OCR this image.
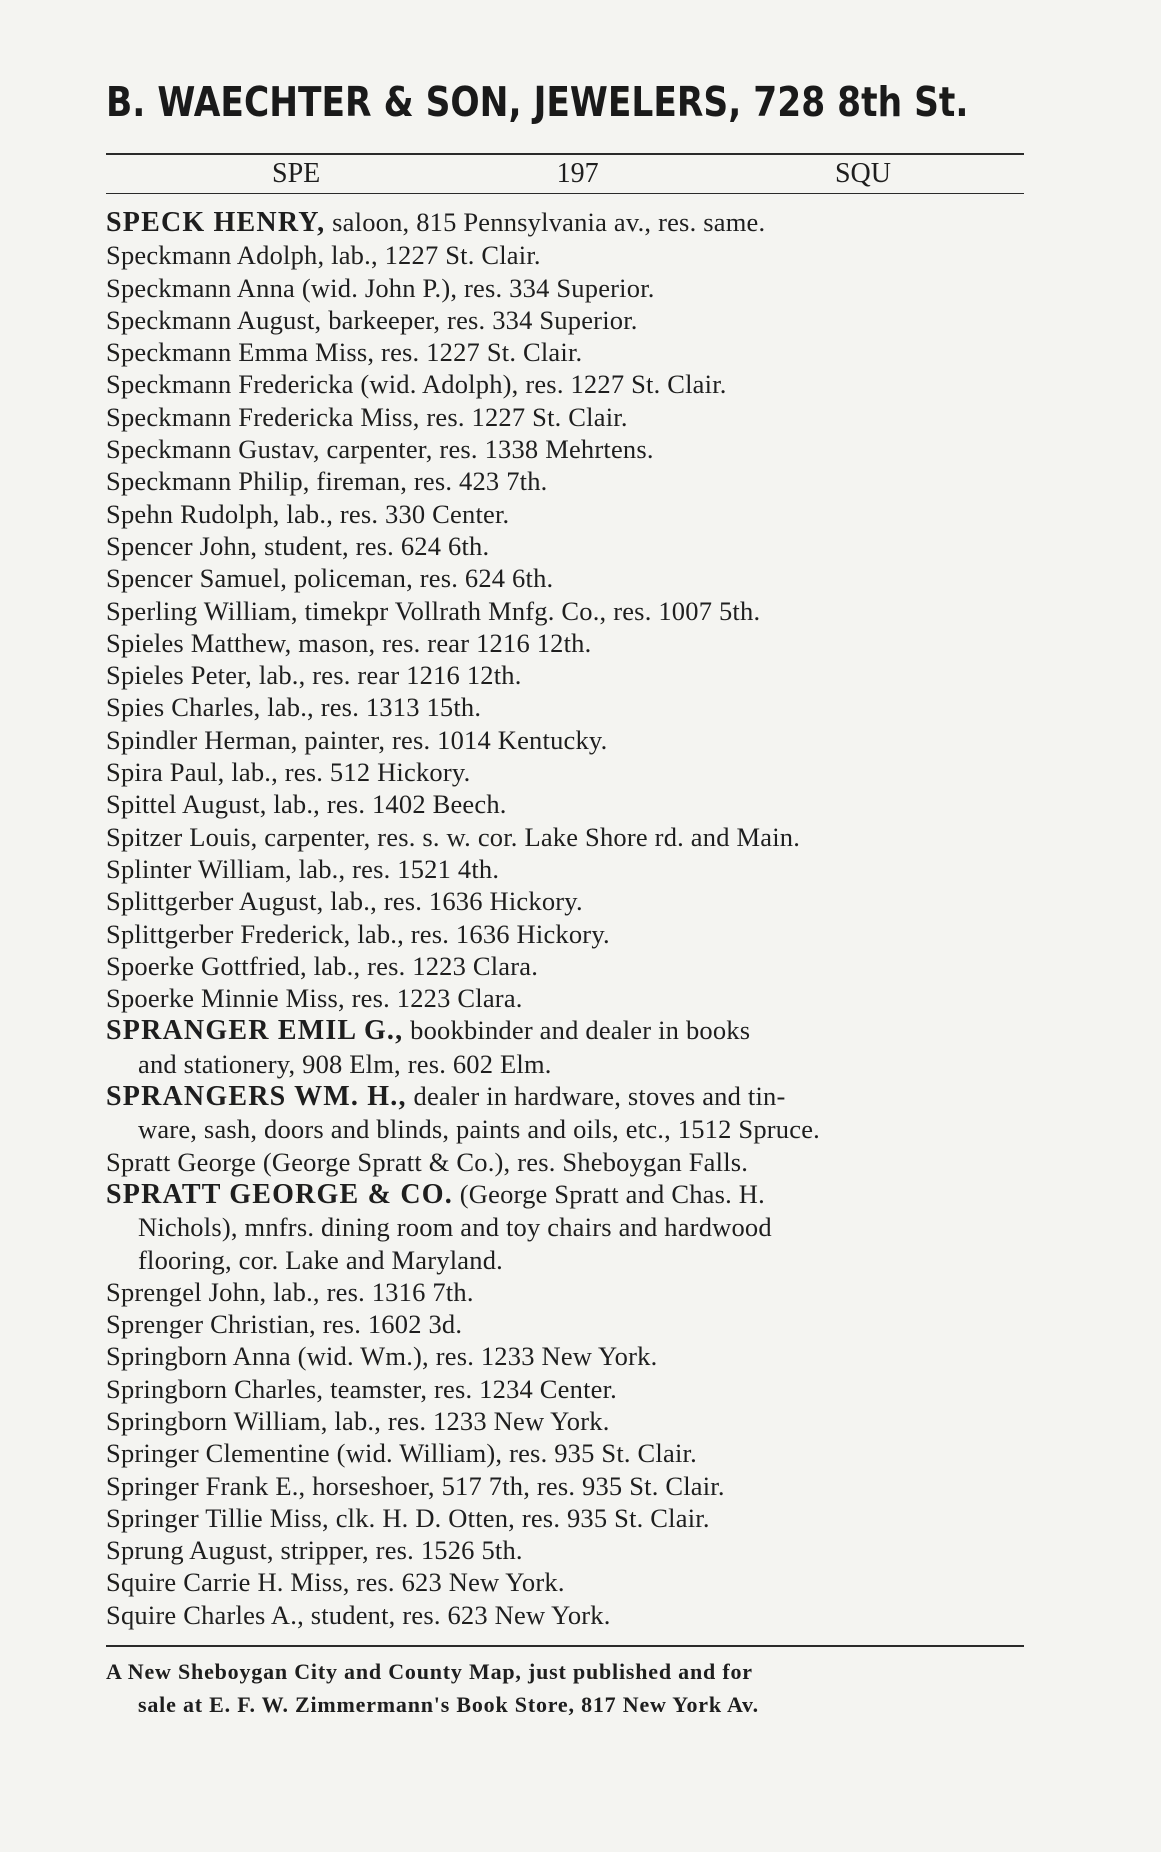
B. WAECHTER & SON, JEWELERS, 728 8th St.
SPE	197	SQU
SPECK HENRY, saloon, 815 Pennsylvania av., res. same.
Speckmann Adolph, lab., 1227 St. Clair.
Speckmann Anna (wid. John P.), res. 334 Superior.
Speckmann August, barkeeper, res. 334 Superior.
Speckmann Emma Miss, res. 1227 St. Clair.
Speckmann Fredericka (wid. Adolph), res. 1227 St. Clair.
Speckmann Fredericka Miss, res. 1227 St. Clair.
Speckmann Gustav, carpenter, res. 1338 Mehrtens.
Speckmann Philip, fireman, res. 423 7th.
Spehn Rudolph, lab., res. 330 Center.
Spencer John, student, res. 624 6th.
Spencer Samuel, policeman, res. 624 6th.
Sperling William, timekpr Vollrath Mnfg. Co., res. 1007 5th.
Spieles Matthew, mason, res. rear 1216 12th.
Spieles Peter, lab., res. rear 1216 12th.
Spies Charles, lab., res. 1313 15th.
Spindler Herman, painter, res. 1014 Kentucky.
Spira Paul, lab., res. 512 Hickory.
Spittel August, lab., res. 1402 Beech.
Spitzer Louis, carpenter, res. s. w. cor. Lake Shore rd. and Main.
Splinter William, lab., res. 1521 4th.
Splittgerber August, lab., res. 1636 Hickory.
Splittgerber Frederick, lab., res. 1636 Hickory.
Spoerke Gottfried, lab., res. 1223 Clara.
Spoerke Minnie Miss, res. 1223 Clara.
SPRANGER EMIL G., bookbinder and dealer in books
and stationery, 908 Elm, res. 602 Elm.
SPRANGERS WM. H., dealer in hardware, stoves and tin-
ware, sash, doors and blinds, paints and oils, etc., 1512 Spruce.
Spratt George (George Spratt & Co.), res. Sheboygan Falls.
SPRATT GEORGE & CO. (George Spratt and Chas. H.
Nichols), mnfrs. dining room and toy chairs and hardwood
flooring, cor. Lake and Maryland.
Sprengel John, lab., res. 1316 7th.
Sprenger Christian, res. 1602 3d.
Springborn Anna (wid. Wm.), res. 1233 New York.
Springborn Charles, teamster, res. 1234 Center.
Springborn William, lab., res. 1233 New York.
Springer Clementine (wid. William), res. 935 St. Clair.
Springer Frank E., horseshoer, 517 7th, res. 935 St. Clair.
Springer Tillie Miss, clk. H. D. Otten, res. 935 St. Clair.
Sprung August, stripper, res. 1526 5th.
Squire Carrie H. Miss, res. 623 New York.
Squire Charles A., student, res. 623 New York.
A New Sheboygan City and County Map, just published and for
sale at E. F. W. Zimmermann's Book Store, 817 New York Av.
